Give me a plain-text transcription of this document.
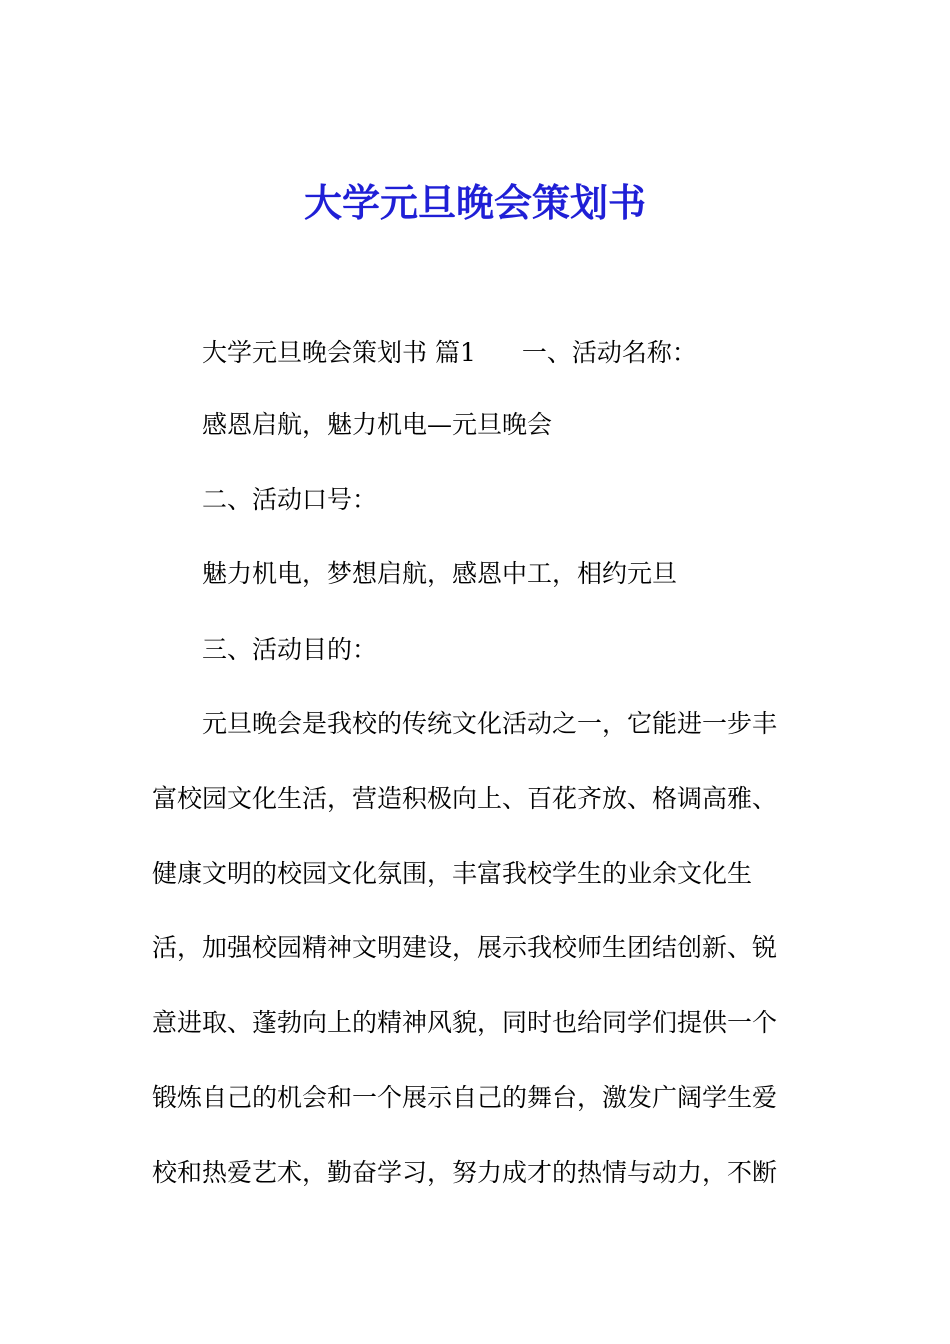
大学元旦晚会策划书

大学元旦晚会策划书 篇1 一、活动名称：

感恩启航，魅力机电—元旦晚会

二、活动口号：

魅力机电，梦想启航，感恩中工，相约元旦

三、活动目的：

元旦晚会是我校的传统文化活动之一，它能进一步丰

富校园文化生活，营造积极向上、百花齐放、格调高雅、

健康文明的校园文化氛围，丰富我校学生的业余文化生

活，加强校园精神文明建设，展示我校师生团结创新、锐

意进取、蓬勃向上的精神风貌，同时也给同学们提供一个

锻炼自己的机会和一个展示自己的舞台，激发广阔学生爱

校和热爱艺术，勤奋学习，努力成才的热情与动力，不断
